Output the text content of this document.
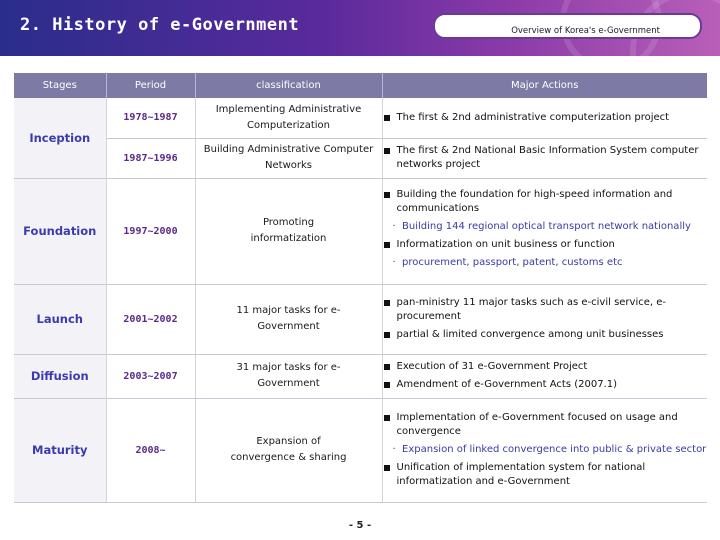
2. History of e-Government	Overview of Korea's e-Government
Stages	Period	classification	Major Actions
Inception	1978~1987	Implementing Administrative Computerization	The first & 2nd administrative computerization project

	1987~1996	Building Administrative Computer Networks	The first & 2nd National Basic Information System computer networks project

Foundation	1997~2000	Promoting informatization	Building the foundation for high-speed information and communications
·  Building 144 regional optical transport network nationally
Informatization on unit business or function
·  procurement, passport, patent, customs etc

Launch	2001~2002	11 major tasks for e-Government	pan-ministry 11 major tasks such as e-civil service, e-procurement
partial & limited convergence among unit businesses

Diffusion	2003~2007	31 major tasks for e-Government	Execution of 31 e-Government Project
Amendment of e-Government Acts (2007.1)

Maturity	2008~	Expansion of convergence & sharing	Implementation of e-Government focused on usage and convergence
·  Expansion of linked convergence into public & private sector
Unification of implementation system for national informatization and e-Government
- 5 -
